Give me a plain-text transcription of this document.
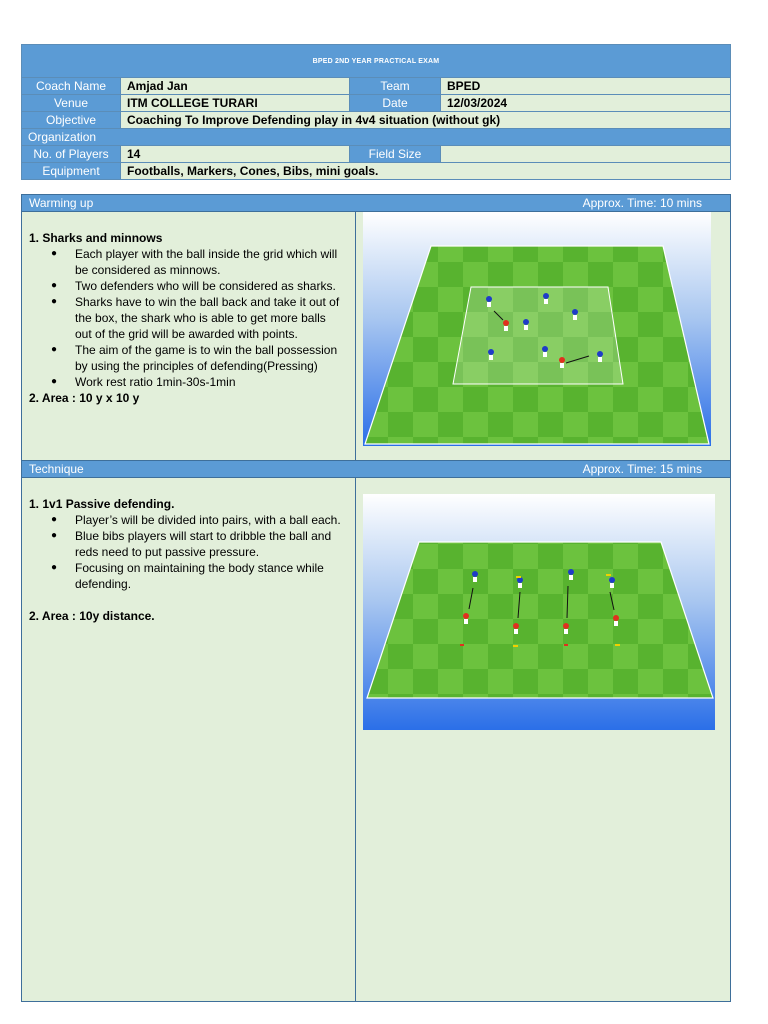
BPED 2ND YEAR PRACTICAL EXAM			
Coach Name	Amjad Jan	Team	BPED
Venue	ITM COLLEGE TURARI	Date	12/03/2024
Objective	Coaching To Improve Defending play in 4v4 situation (without gk)		
Organization			
No. of Players	14	Field Size	
Equipment	Footballs, Markers, Cones, Bibs, mini goals.		
Warming up	Approx. Time: 10 mins
1. Sharks and minnows
● Each player with the ball inside the grid which will be considered as minnows.
● Two defenders who will be considered as sharks.
● Sharks have to win the ball back and take it out of the box, the shark who is able to get more balls out of the grid will be awarded with points.
● The aim of the game is to win the ball possession by using the principles of defending(Pressing)
● Work rest ratio 1min-30s-1min
2. Area : 10 y x 10 y
Technique	Approx. Time: 15 mins
1. 1v1 Passive defending.
● Player’s will be divided into pairs, with a ball each.
● Blue bibs players will start to dribble the ball and reds need to put passive pressure.
● Focusing on maintaining the body stance while defending.
2. Area : 10y distance.
